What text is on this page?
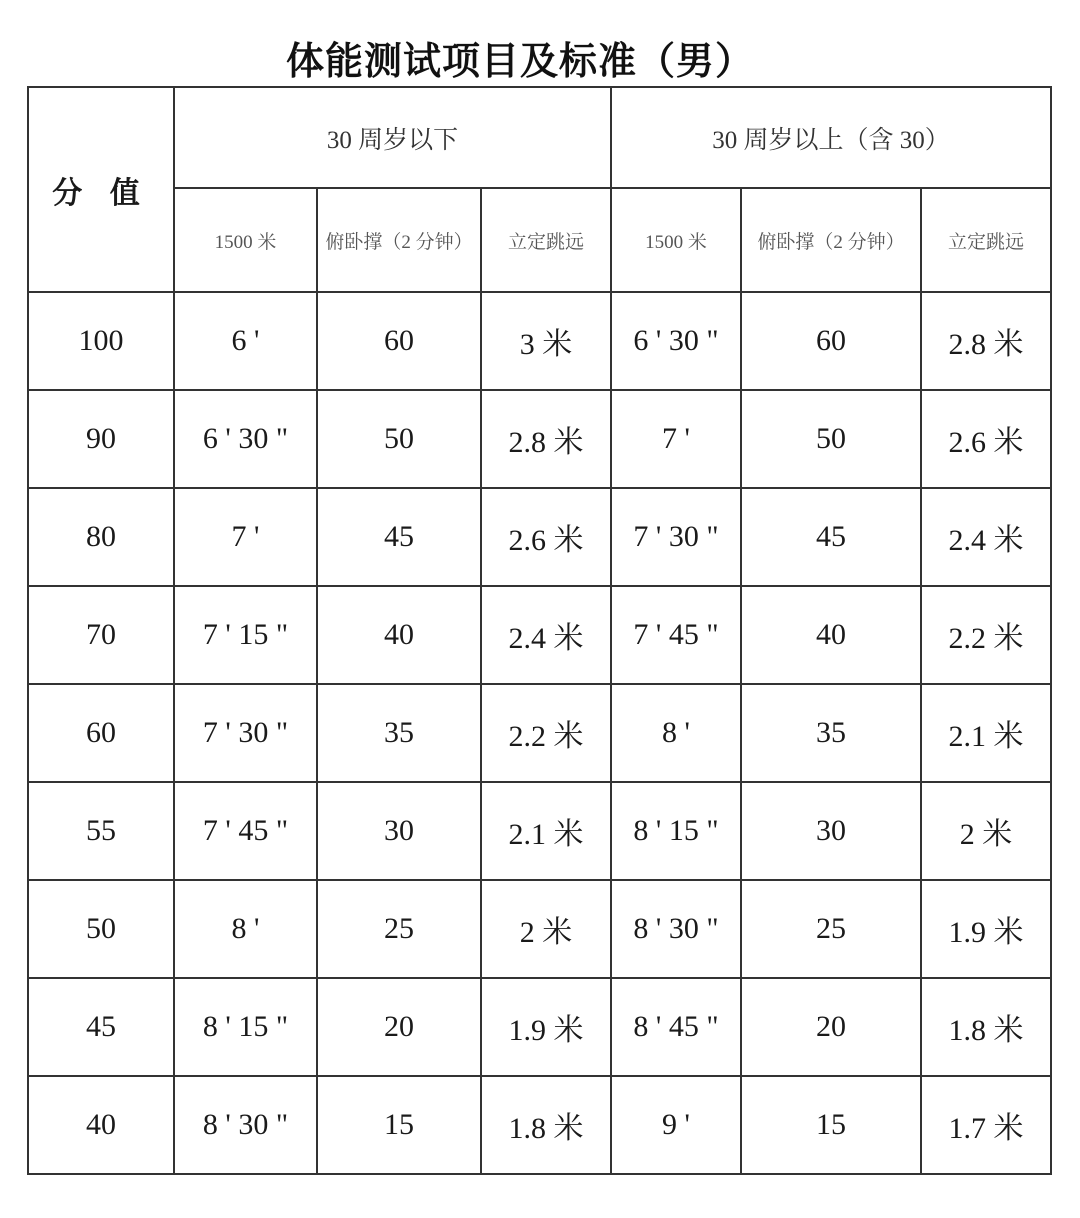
体能测试项目及标准（男）
分 值	30 周岁以下			30 周岁以上（含 30）		
	1500 米	俯卧撑（2 分钟）	立定跳远	1500 米	俯卧撑（2 分钟）	立定跳远
100	6 '	60	3 米	6 ' 30 "	60	2.8 米
90	6 ' 30 "	50	2.8 米	7 '	50	2.6 米
80	7 '	45	2.6 米	7 ' 30 "	45	2.4 米
70	7 ' 15 "	40	2.4 米	7 ' 45 "	40	2.2 米
60	7 ' 30 "	35	2.2 米	8 '	35	2.1 米
55	7 ' 45 "	30	2.1 米	8 ' 15 "	30	2 米
50	8 '	25	2 米	8 ' 30 "	25	1.9 米
45	8 ' 15 "	20	1.9 米	8 ' 45 "	20	1.8 米
40	8 ' 30 "	15	1.8 米	9 '	15	1.7 米
